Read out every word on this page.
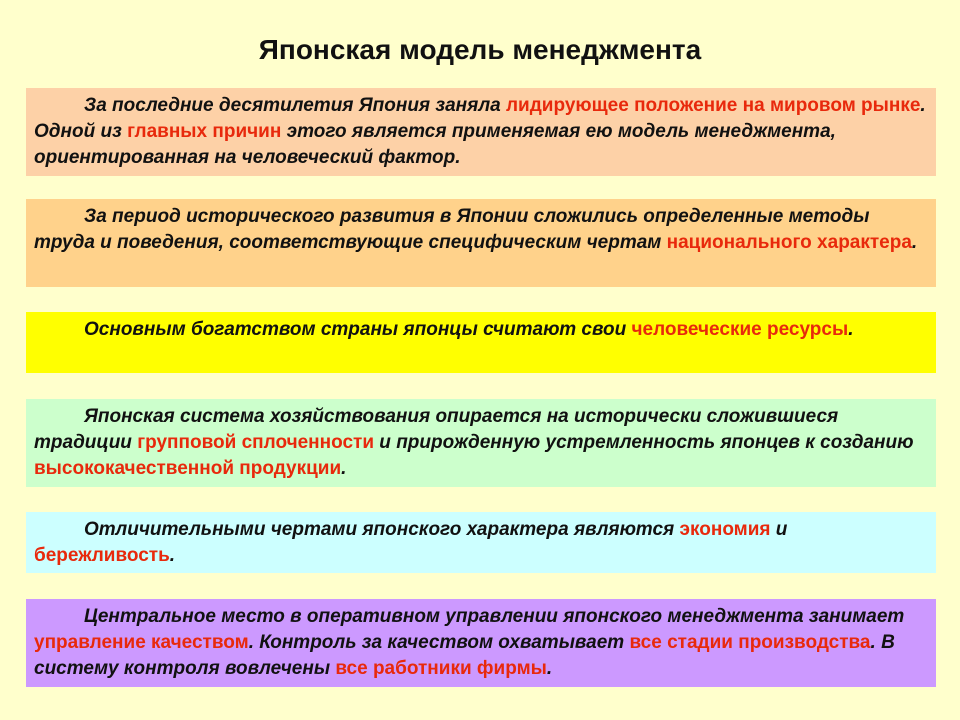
Японская модель менеджмента

За последние десятилетия Япония заняла лидирующее положение на мировом рынке. Одной из главных причин этого является применяемая ею модель менеджмента, ориентированная на человеческий фактор.

За период исторического развития в Японии сложились определенные методы труда и поведения, соответствующие специфическим чертам национального характера.

Основным богатством страны японцы считают свои человеческие ресурсы.

Японская система хозяйствования опирается на исторически сложившиеся традиции групповой сплоченности и прирожденную устремленность японцев к созданию высококачественной продукции.

Отличительными чертами японского характера являются экономия и бережливость.

Центральное место в оперативном управлении японского менеджмента занимает управление качеством. Контроль за качеством охватывает все стадии производства. В систему контроля вовлечены все работники фирмы.
